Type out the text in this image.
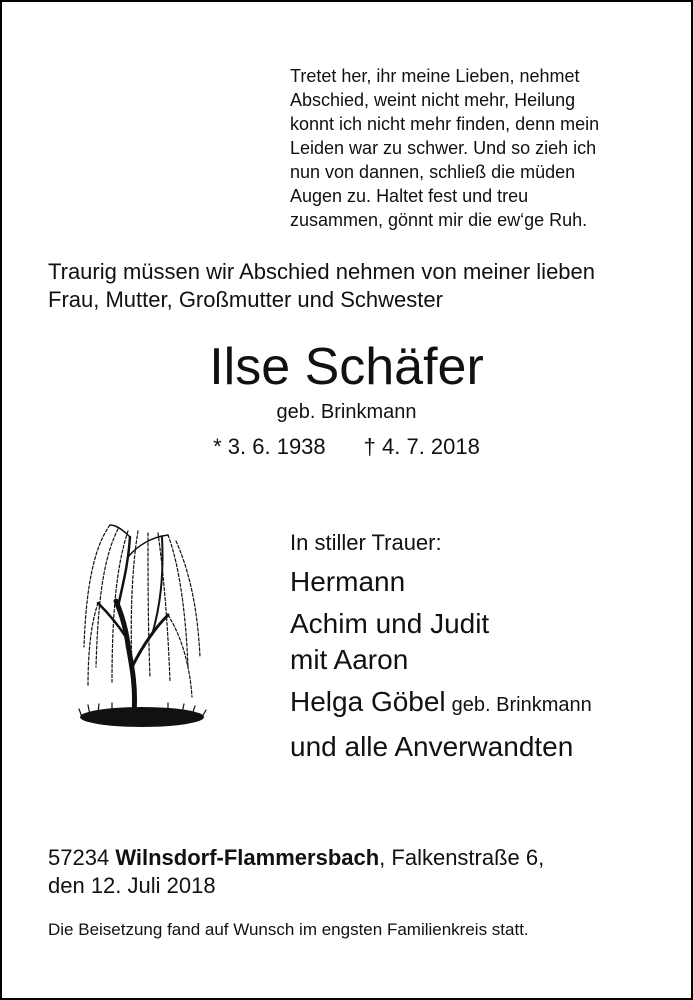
Tretet her, ihr meine Lieben, nehmet
Abschied, weint nicht mehr, Heilung
konnt ich nicht mehr finden, denn mein
Leiden war zu schwer. Und so zieh ich
nun von dannen, schließ die müden
Augen zu. Haltet fest und treu
zusammen, gönnt mir die ew‘ge Ruh.

Traurig müssen wir Abschied nehmen von meiner lieben
Frau, Mutter, Großmutter und Schwester

Ilse Schäfer
geb. Brinkmann
* 3. 6. 1938 † 4. 7. 2018
In stiller Trauer:
Hermann
Achim und Judit
mit Aaron
Helga Göbel geb. Brinkmann
und alle Anverwandten
57234 Wilnsdorf-Flammersbach, Falkenstraße 6,
den 12. Juli 2018
Die Beisetzung fand auf Wunsch im engsten Familienkreis statt.
